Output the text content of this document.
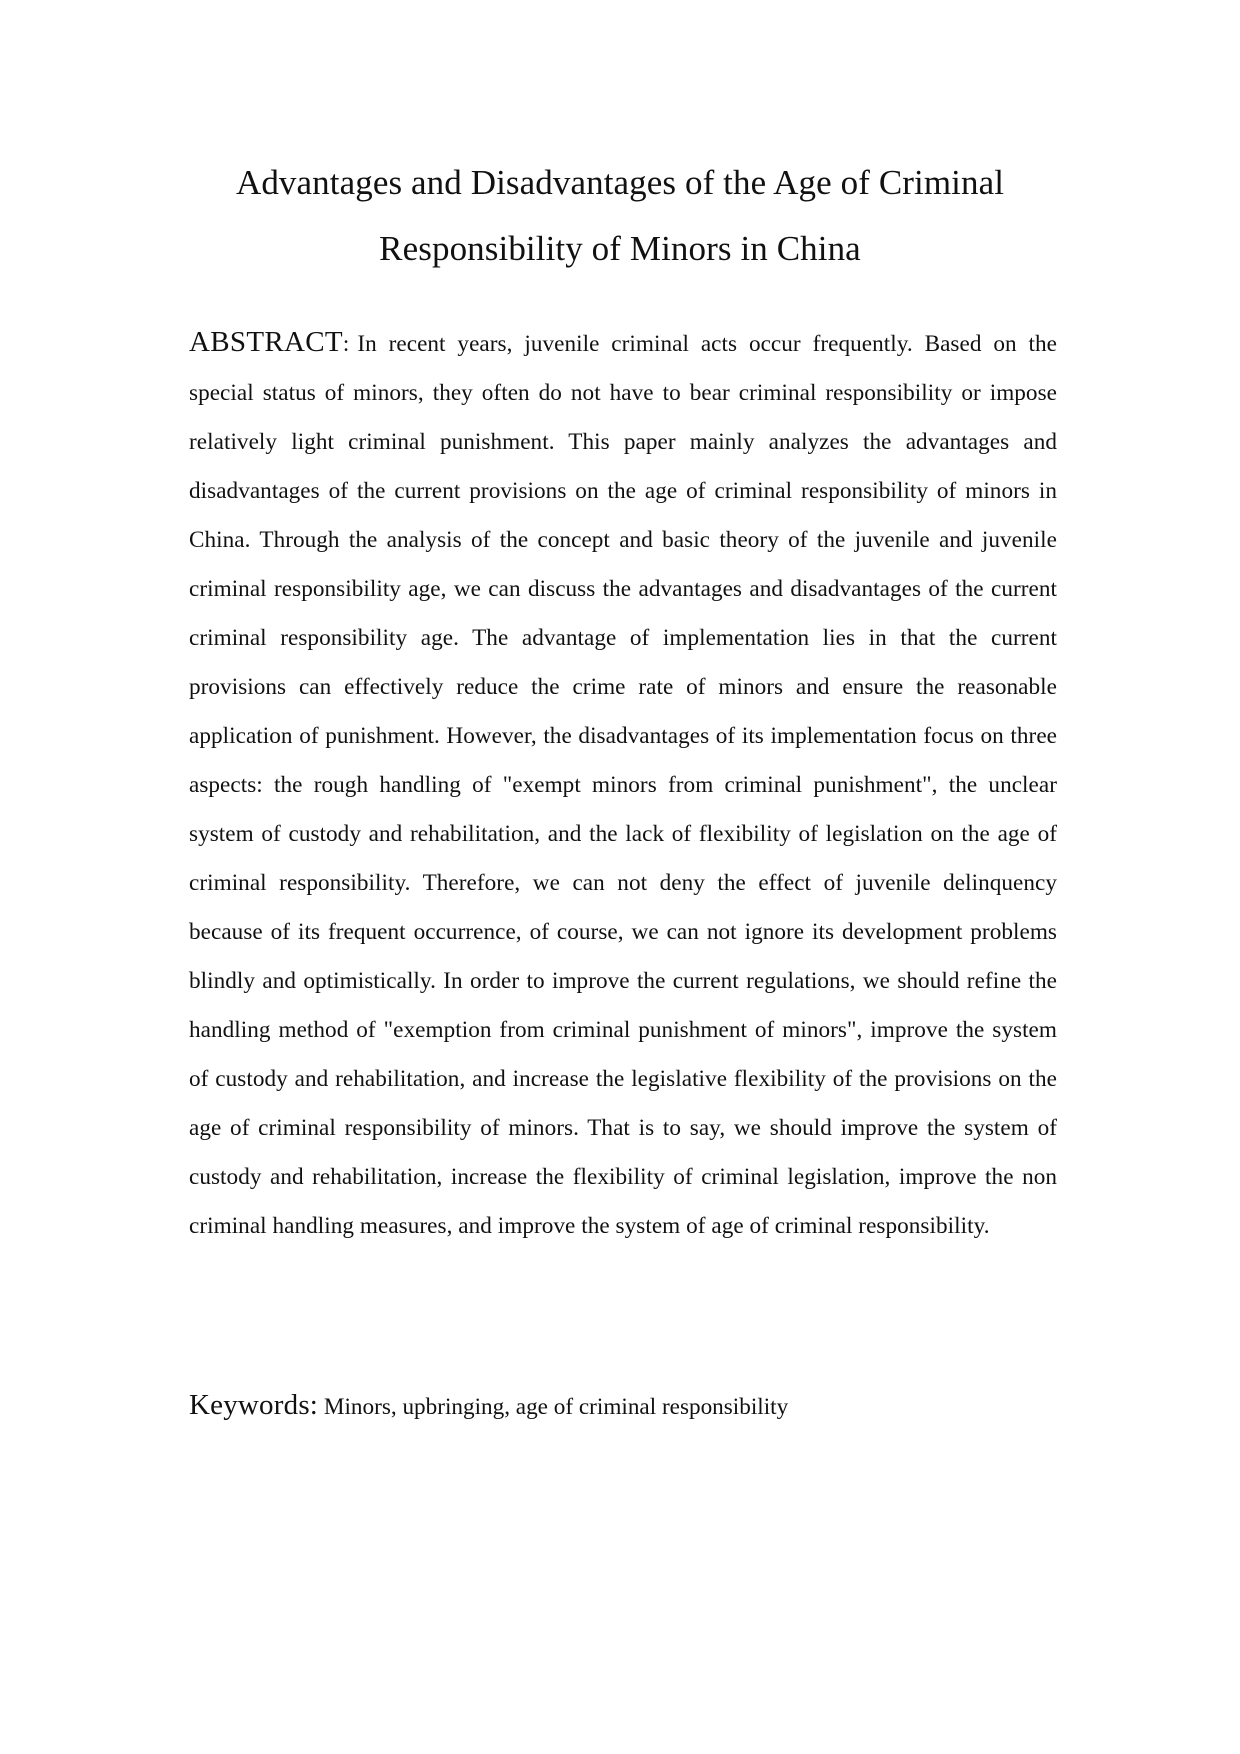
Advantages and Disadvantages of the Age of Criminal
Responsibility of Minors in China
ABSTRACT: In recent years, juvenile criminal acts occur frequently. Based on the special status of minors, they often do not have to bear criminal responsibility or impose relatively light criminal punishment. This paper mainly analyzes the advantages and disadvantages of the current provisions on the age of criminal responsibility of minors in China. Through the analysis of the concept and basic theory of the juvenile and juvenile criminal responsibility age, we can discuss the advantages and disadvantages of the current criminal responsibility age. The advantage of implementation lies in that the current provisions can effectively reduce the crime rate of minors and ensure the reasonable application of punishment. However, the disadvantages of its implementation focus on three aspects: the rough handling of "exempt minors from criminal punishment", the unclear system of custody and rehabilitation, and the lack of flexibility of legislation on the age of criminal responsibility. Therefore, we can not deny the effect of juvenile delinquency because of its frequent occurrence, of course, we can not ignore its development problems blindly and optimistically. In order to improve the current regulations, we should refine the handling method of "exemption from criminal punishment of minors", improve the system of custody and rehabilitation, and increase the legislative flexibility of the provisions on the age of criminal responsibility of minors. That is to say, we should improve the system of custody and rehabilitation, increase the flexibility of criminal legislation, improve the non criminal handling measures, and improve the system of age of criminal responsibility.
Keywords: Minors, upbringing, age of criminal responsibility
